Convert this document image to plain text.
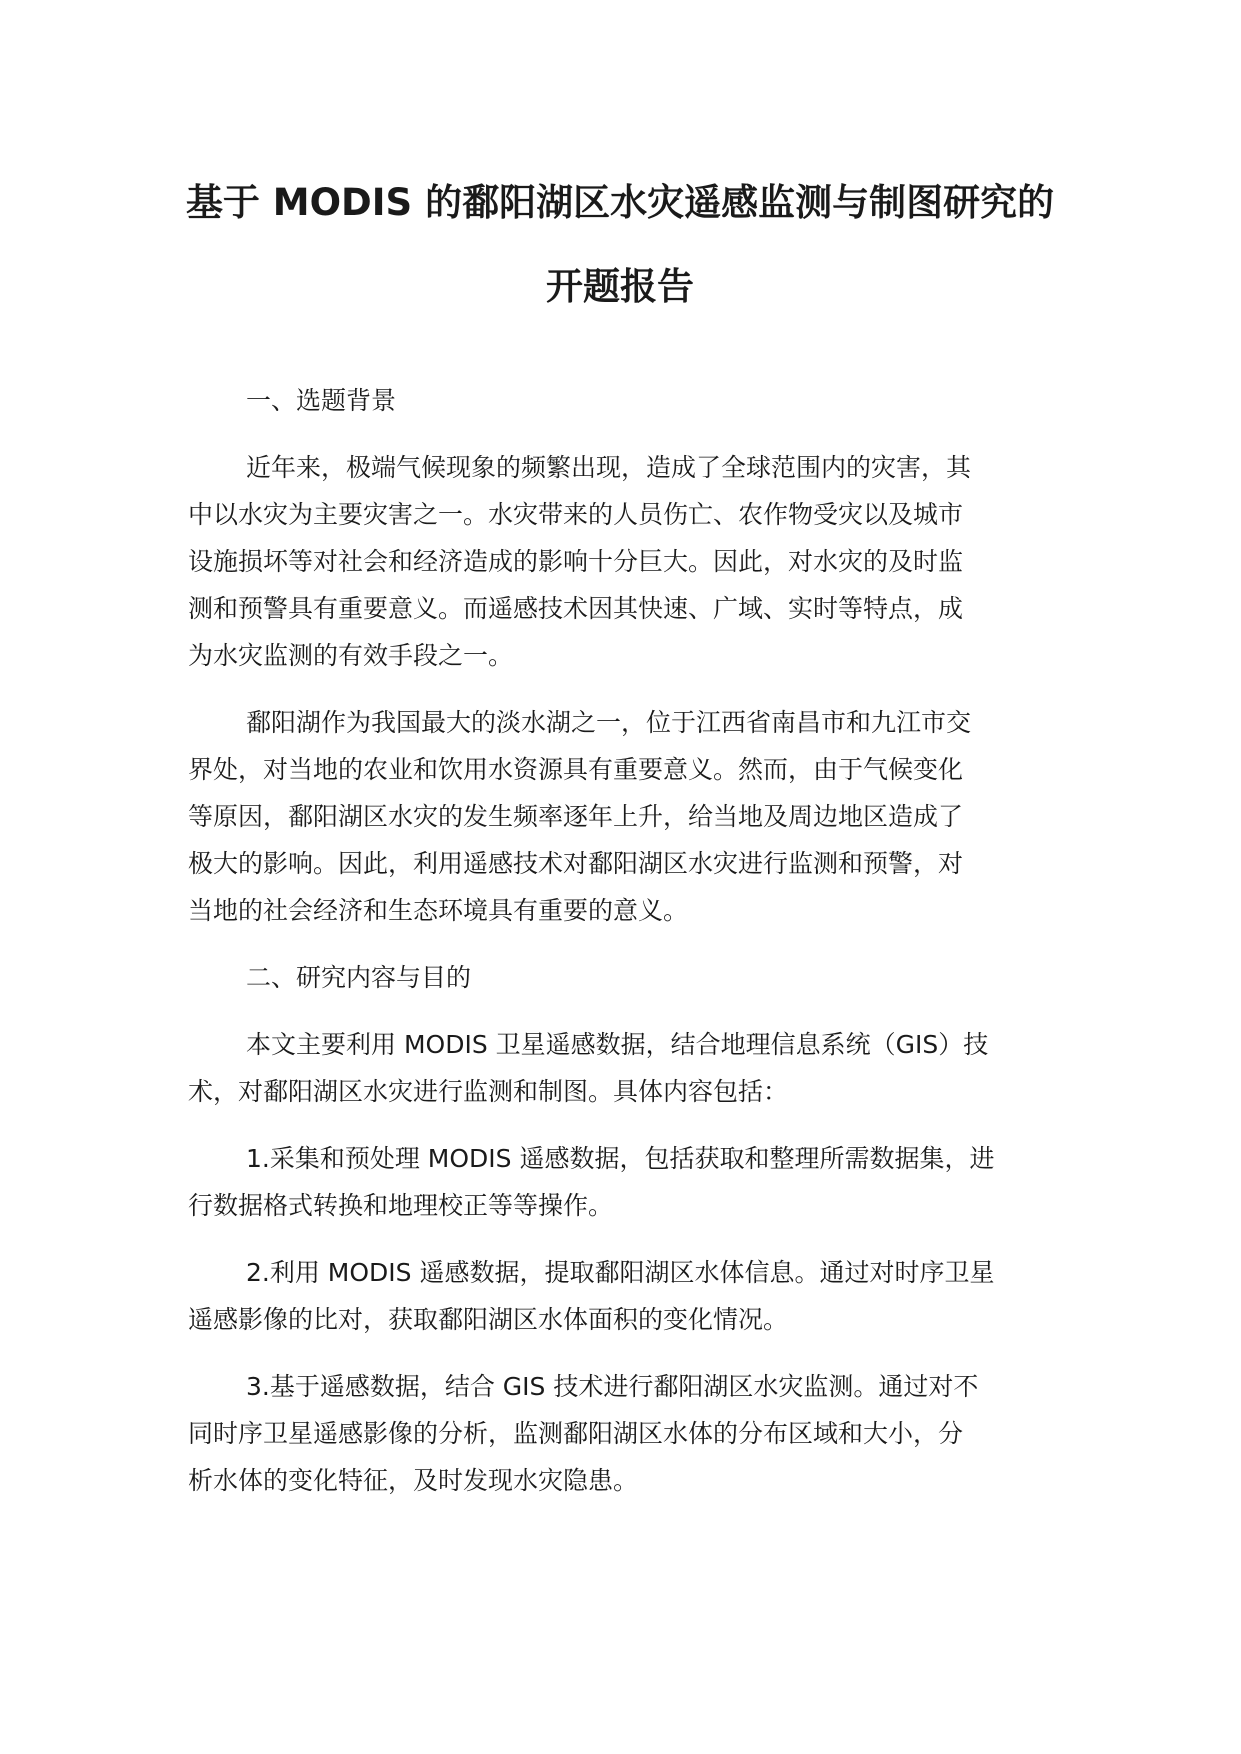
基于 MODIS 的鄱阳湖区水灾遥感监测与制图研究的
开题报告

一、选题背景

近年来，极端气候现象的频繁出现，造成了全球范围内的灾害，其
中以水灾为主要灾害之一。水灾带来的人员伤亡、农作物受灾以及城市
设施损坏等对社会和经济造成的影响十分巨大。因此，对水灾的及时监
测和预警具有重要意义。而遥感技术因其快速、广域、实时等特点，成
为水灾监测的有效手段之一。

鄱阳湖作为我国最大的淡水湖之一，位于江西省南昌市和九江市交
界处，对当地的农业和饮用水资源具有重要意义。然而，由于气候变化
等原因，鄱阳湖区水灾的发生频率逐年上升，给当地及周边地区造成了
极大的影响。因此，利用遥感技术对鄱阳湖区水灾进行监测和预警，对
当地的社会经济和生态环境具有重要的意义。

二、研究内容与目的

本文主要利用 MODIS 卫星遥感数据，结合地理信息系统（GIS）技
术，对鄱阳湖区水灾进行监测和制图。具体内容包括：

1.采集和预处理 MODIS 遥感数据，包括获取和整理所需数据集，进
行数据格式转换和地理校正等等操作。

2.利用 MODIS 遥感数据，提取鄱阳湖区水体信息。通过对时序卫星
遥感影像的比对，获取鄱阳湖区水体面积的变化情况。

3.基于遥感数据，结合 GIS 技术进行鄱阳湖区水灾监测。通过对不
同时序卫星遥感影像的分析，监测鄱阳湖区水体的分布区域和大小，分
析水体的变化特征，及时发现水灾隐患。
